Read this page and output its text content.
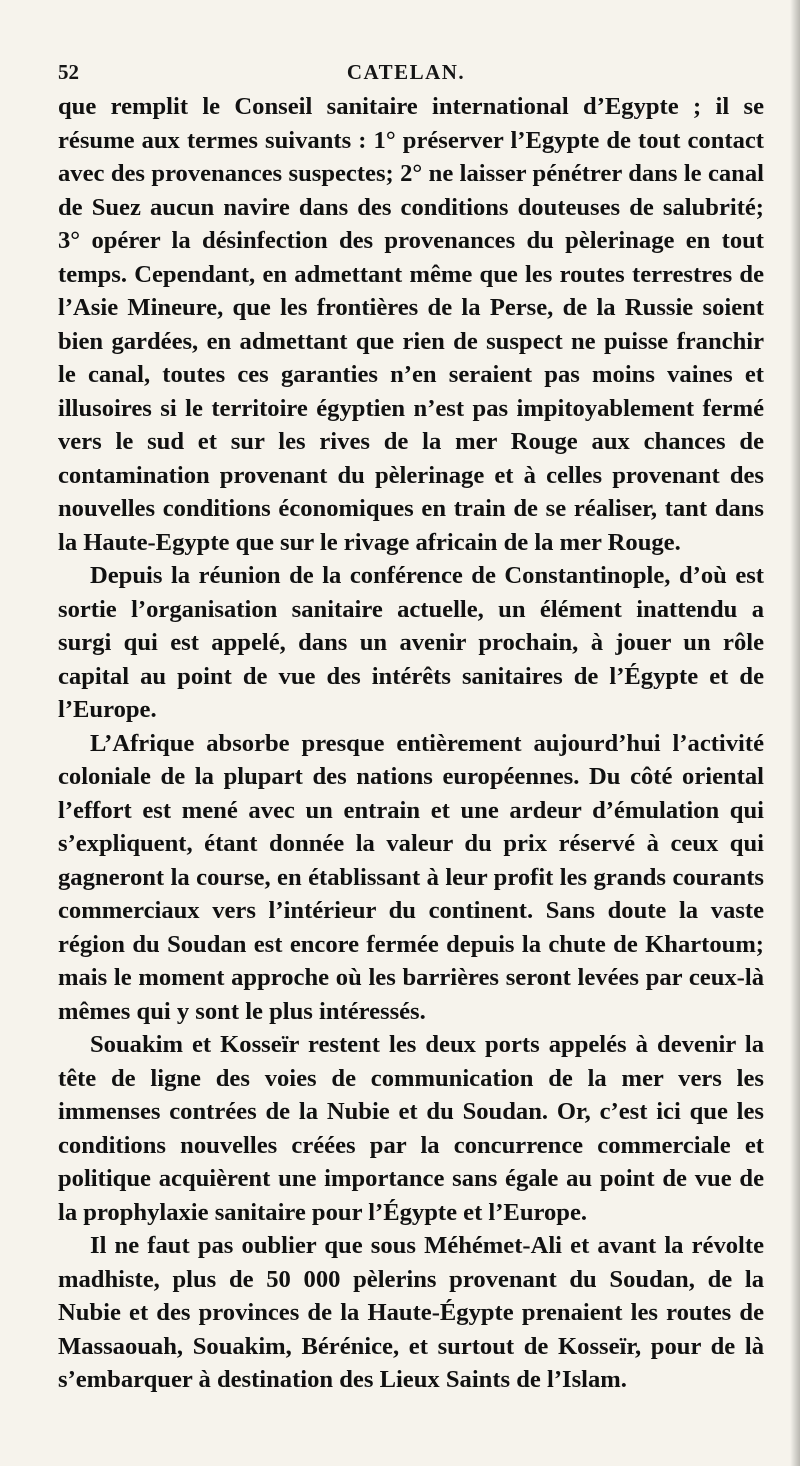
52	CATELAN.

que remplit le Conseil sanitaire international d’Egypte ; il se résume aux termes suivants : 1° préserver l’Egypte de tout contact avec des provenances suspectes; 2° ne laisser pénétrer dans le canal de Suez aucun navire dans des conditions douteuses de salubrité; 3° opérer la désinfection des provenances du pèlerinage en tout temps. Cependant, en admettant même que les routes terrestres de l’Asie Mineure, que les frontières de la Perse, de la Russie soient bien gardées, en admettant que rien de suspect ne puisse franchir le canal, toutes ces garanties n’en seraient pas moins vaines et illusoires si le territoire égyptien n’est pas impitoyablement fermé vers le sud et sur les rives de la mer Rouge aux chances de contamination provenant du pèlerinage et à celles provenant des nouvelles conditions économiques en train de se réaliser, tant dans la Haute-Egypte que sur le rivage africain de la mer Rouge.

Depuis la réunion de la conférence de Constantinople, d’où est sortie l’organisation sanitaire actuelle, un élément inattendu a surgi qui est appelé, dans un avenir prochain, à jouer un rôle capital au point de vue des intérêts sanitaires de l’Égypte et de l’Europe.

L’Afrique absorbe presque entièrement aujourd’hui l’activité coloniale de la plupart des nations européennes. Du côté oriental l’effort est mené avec un entrain et une ardeur d’émulation qui s’expliquent, étant donnée la valeur du prix réservé à ceux qui gagneront la course, en établissant à leur profit les grands courants commerciaux vers l’intérieur du continent. Sans doute la vaste région du Soudan est encore fermée depuis la chute de Khartoum; mais le moment approche où les barrières seront levées par ceux-là mêmes qui y sont le plus intéressés.

Souakim et Kosseïr restent les deux ports appelés à devenir la tête de ligne des voies de communication de la mer vers les immenses contrées de la Nubie et du Soudan. Or, c’est ici que les conditions nouvelles créées par la concurrence commerciale et politique acquièrent une importance sans égale au point de vue de la prophylaxie sanitaire pour l’Égypte et l’Europe.

Il ne faut pas oublier que sous Méhémet-Ali et avant la révolte madhiste, plus de 50 000 pèlerins provenant du Soudan, de la Nubie et des provinces de la Haute-Égypte prenaient les routes de Massaouah, Souakim, Bérénice, et surtout de Kosseïr, pour de là s’embarquer à destination des Lieux Saints de l’Islam.
